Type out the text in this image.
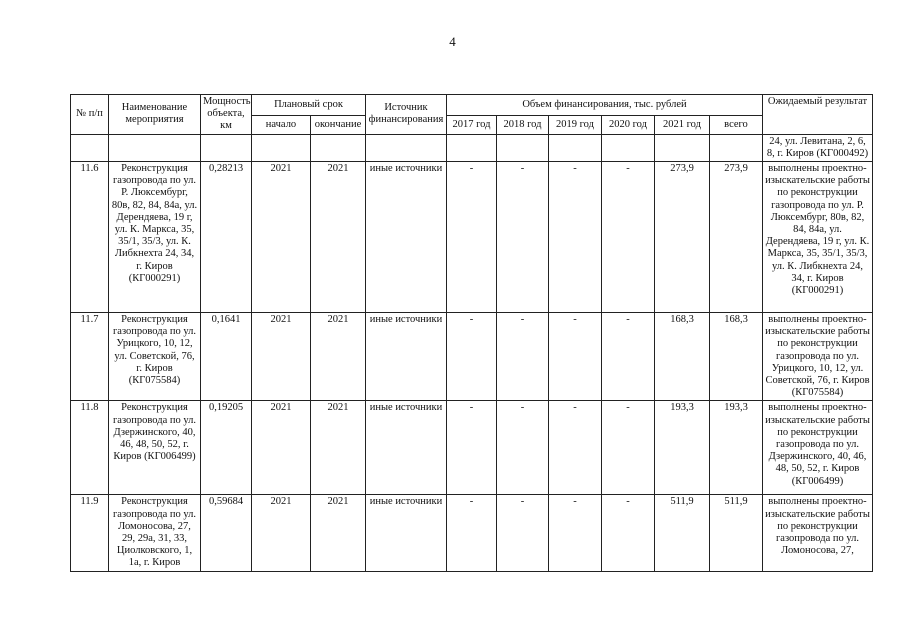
4
№ п/п	Наименование мероприятия	Мощность объекта, км	Плановый срок		Источник финансирования	Объем финансирования, тыс. рублей						Ожидаемый результат
			начало	окончание		2017 год	2018 год	2019 год	2020 год	2021 год	всего	
												24, ул. Левитана, 2, 6, 8, г. Киров (КГ000492)
11.6	Реконструкция газопровода по ул. Р. Люксембург, 80в, 82, 84, 84а, ул. Дерендяева, 19 г, ул. К. Маркса, 35, 35/1, 35/3, ул. К. Либкнехта 24, 34, г. Киров (КГ000291)	0,28213	2021	2021	иные источники	-	-	-	-	273,9	273,9	выполнены проектно-изыскательские работы по реконструкции газопровода по ул. Р. Люксембург, 80в, 82, 84, 84а, ул. Дерендяева, 19 г, ул. К. Маркса, 35, 35/1, 35/3, ул. К. Либкнехта 24, 34, г. Киров (КГ000291)
11.7	Реконструкция газопровода по ул. Урицкого, 10, 12, ул. Советской, 76, г. Киров (КГ075584)	0,1641	2021	2021	иные источники	-	-	-	-	168,3	168,3	выполнены проектно-изыскательские работы по реконструкции газопровода по ул. Урицкого, 10, 12, ул. Советской, 76, г. Киров (КГ075584)
11.8	Реконструкция газопровода по ул. Дзержинского, 40, 46, 48, 50, 52, г. Киров (КГ006499)	0,19205	2021	2021	иные источники	-	-	-	-	193,3	193,3	выполнены проектно-изыскательские работы по реконструкции газопровода по ул. Дзержинского, 40, 46, 48, 50, 52, г. Киров (КГ006499)
11.9	Реконструкция газопровода по ул. Ломоносова, 27, 29, 29а, 31, 33, Циолковского, 1, 1а, г. Киров	0,59684	2021	2021	иные источники	-	-	-	-	511,9	511,9	выполнены проектно-изыскательские работы по реконструкции газопровода по ул. Ломоносова, 27,
